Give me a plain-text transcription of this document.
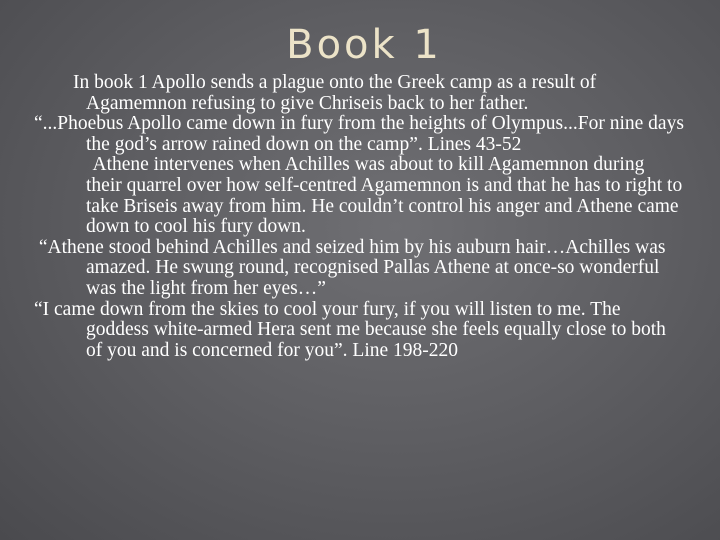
Book 1

In book 1 Apollo sends a plague onto the Greek camp as a result of Agamemnon refusing to give Chriseis back to her father.

“...Phoebus Apollo came down in fury from the heights of Olympus...For nine days the god’s arrow rained down on the camp”. Lines 43-52

Athene intervenes when Achilles was about to kill Agamemnon during their quarrel over how self-centred Agamemnon is and that he has to right to take Briseis away from him. He couldn’t control his anger and Athene came down to cool his fury down.

“Athene stood behind Achilles and seized him by his auburn hair…Achilles was amazed. He swung round, recognised Pallas Athene at once-so wonderful was the light from her eyes…”

“I came down from the skies to cool your fury, if you will listen to me. The goddess white-armed Hera sent me because she feels equally close to both of you and is concerned for you”. Line 198-220
